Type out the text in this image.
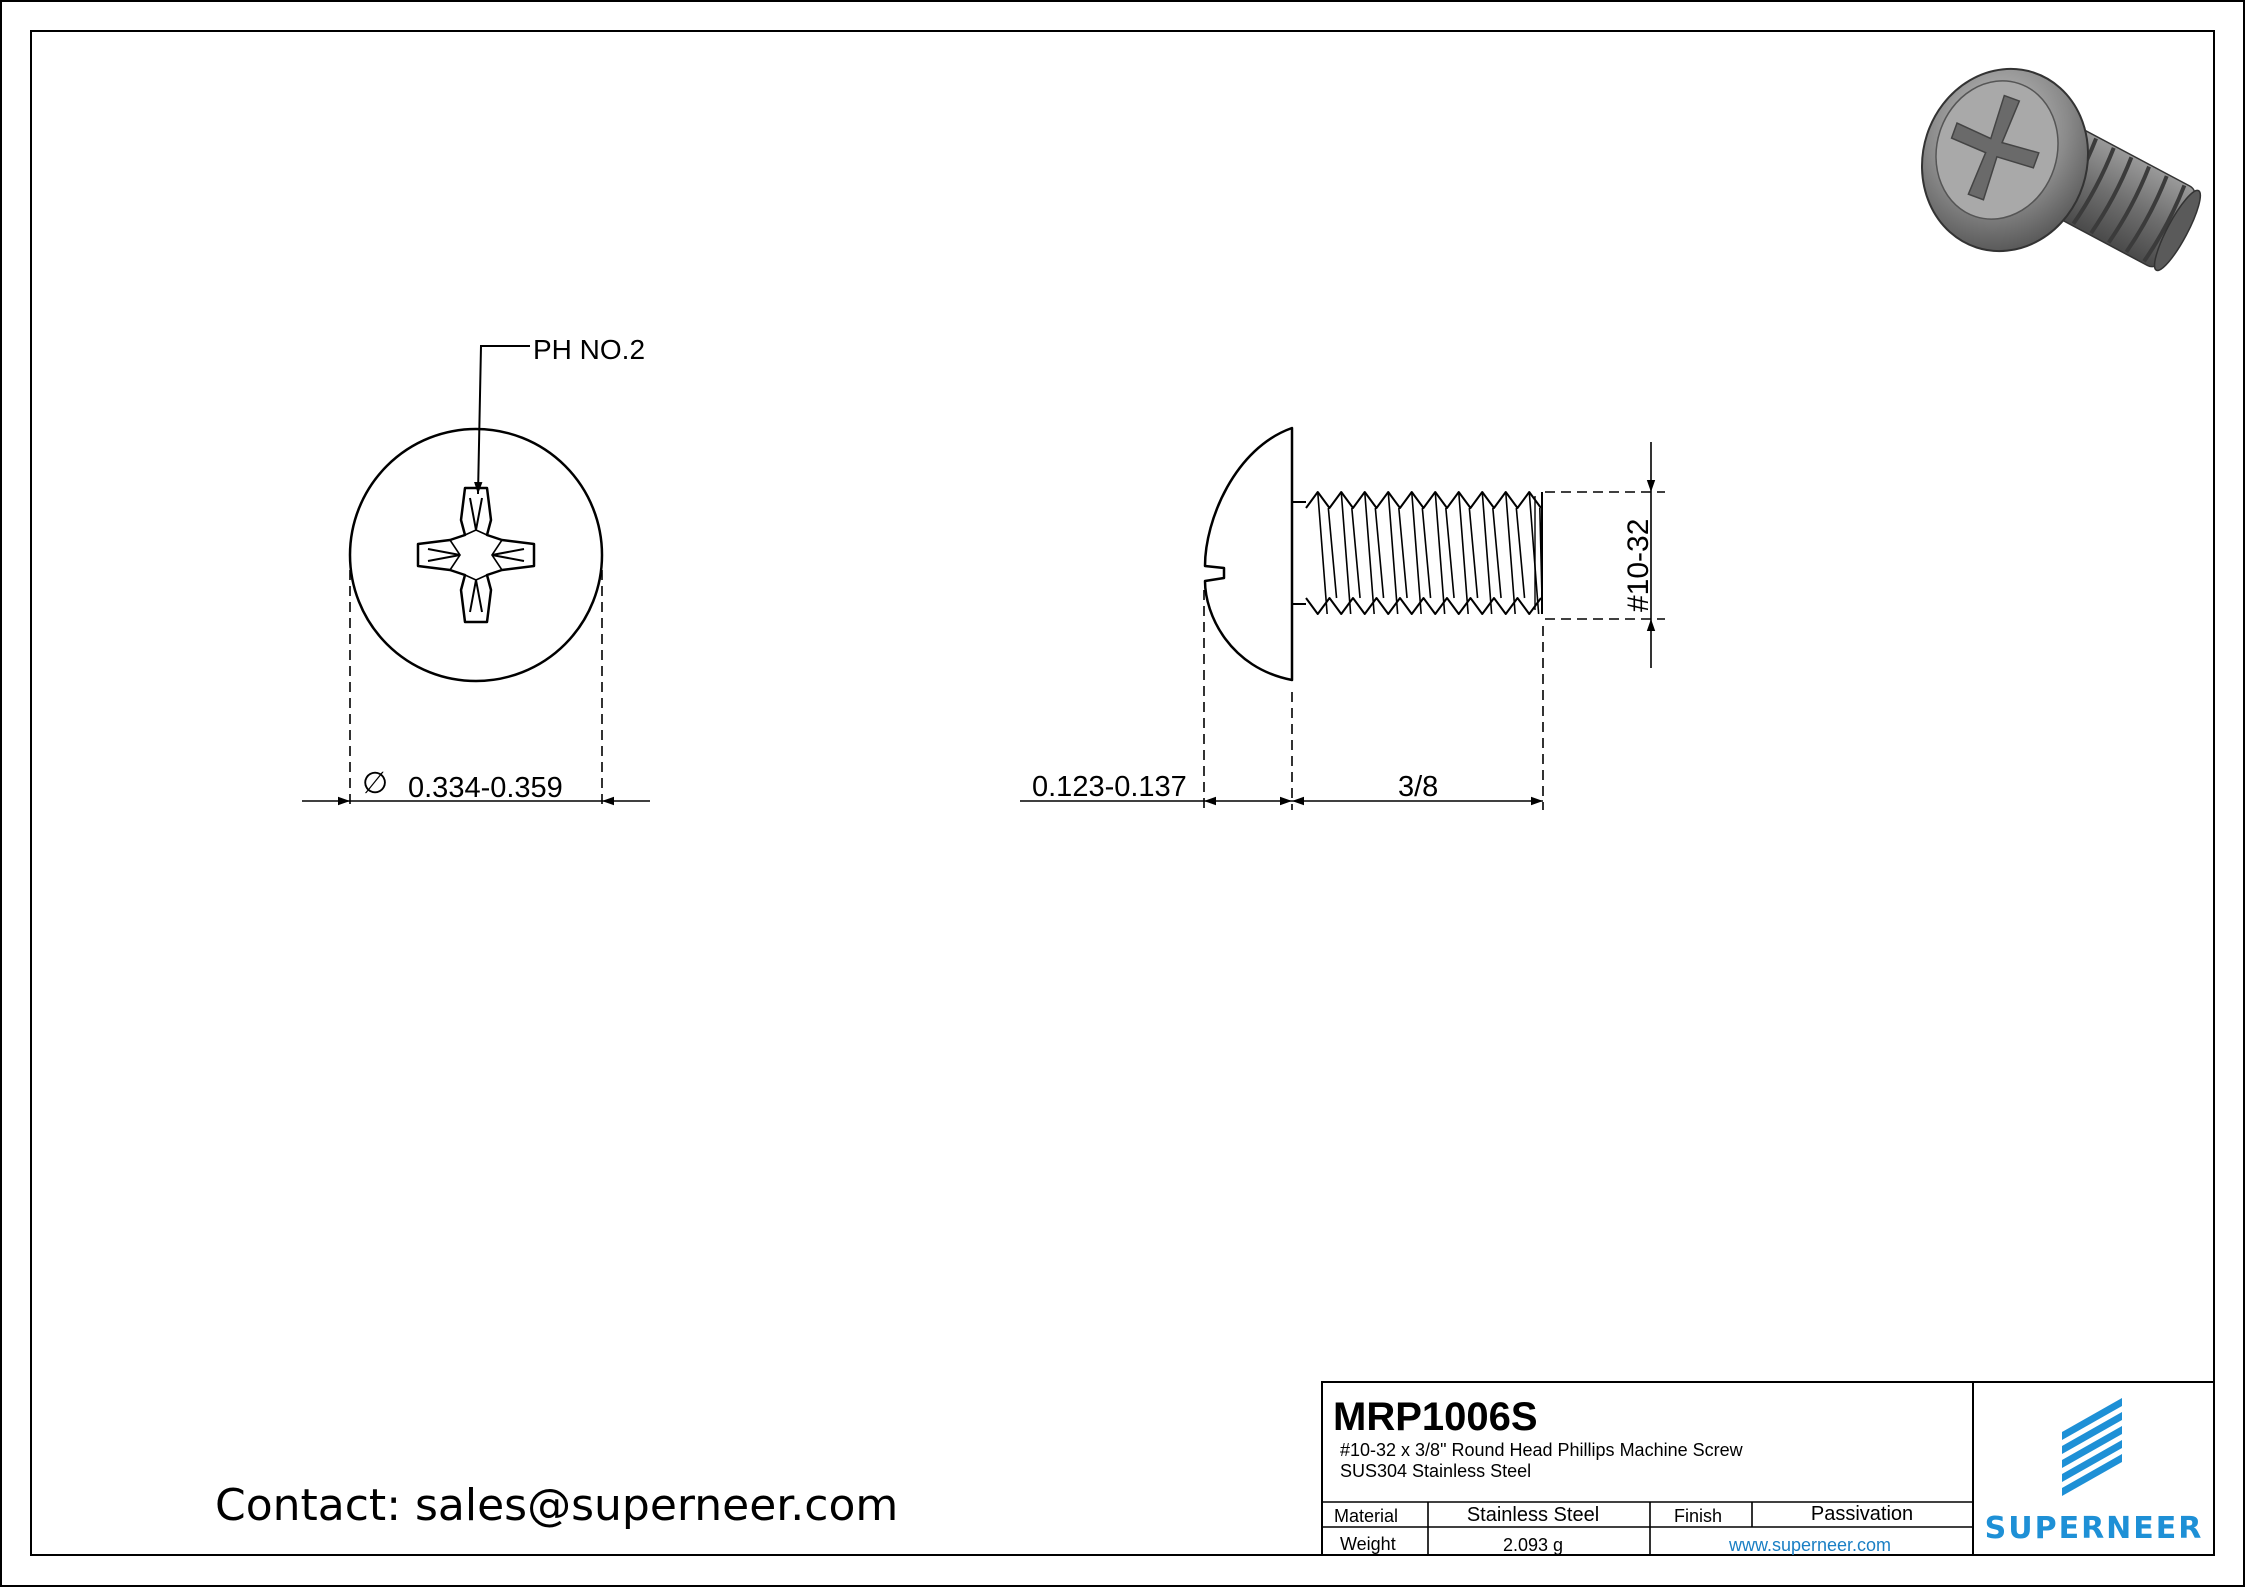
PH NO.2
∅ 0.334-0.359
#10-32
0.123-0.137	3/8
MRP1006S
#10-32 x 3/8" Round Head Phillips Machine Screw
SUS304 Stainless Steel
Material	Stainless Steel	Finish	Passivation
Weight	2.093 g	www.superneer.com	SUPERNEER
Contact: sales@superneer.com
